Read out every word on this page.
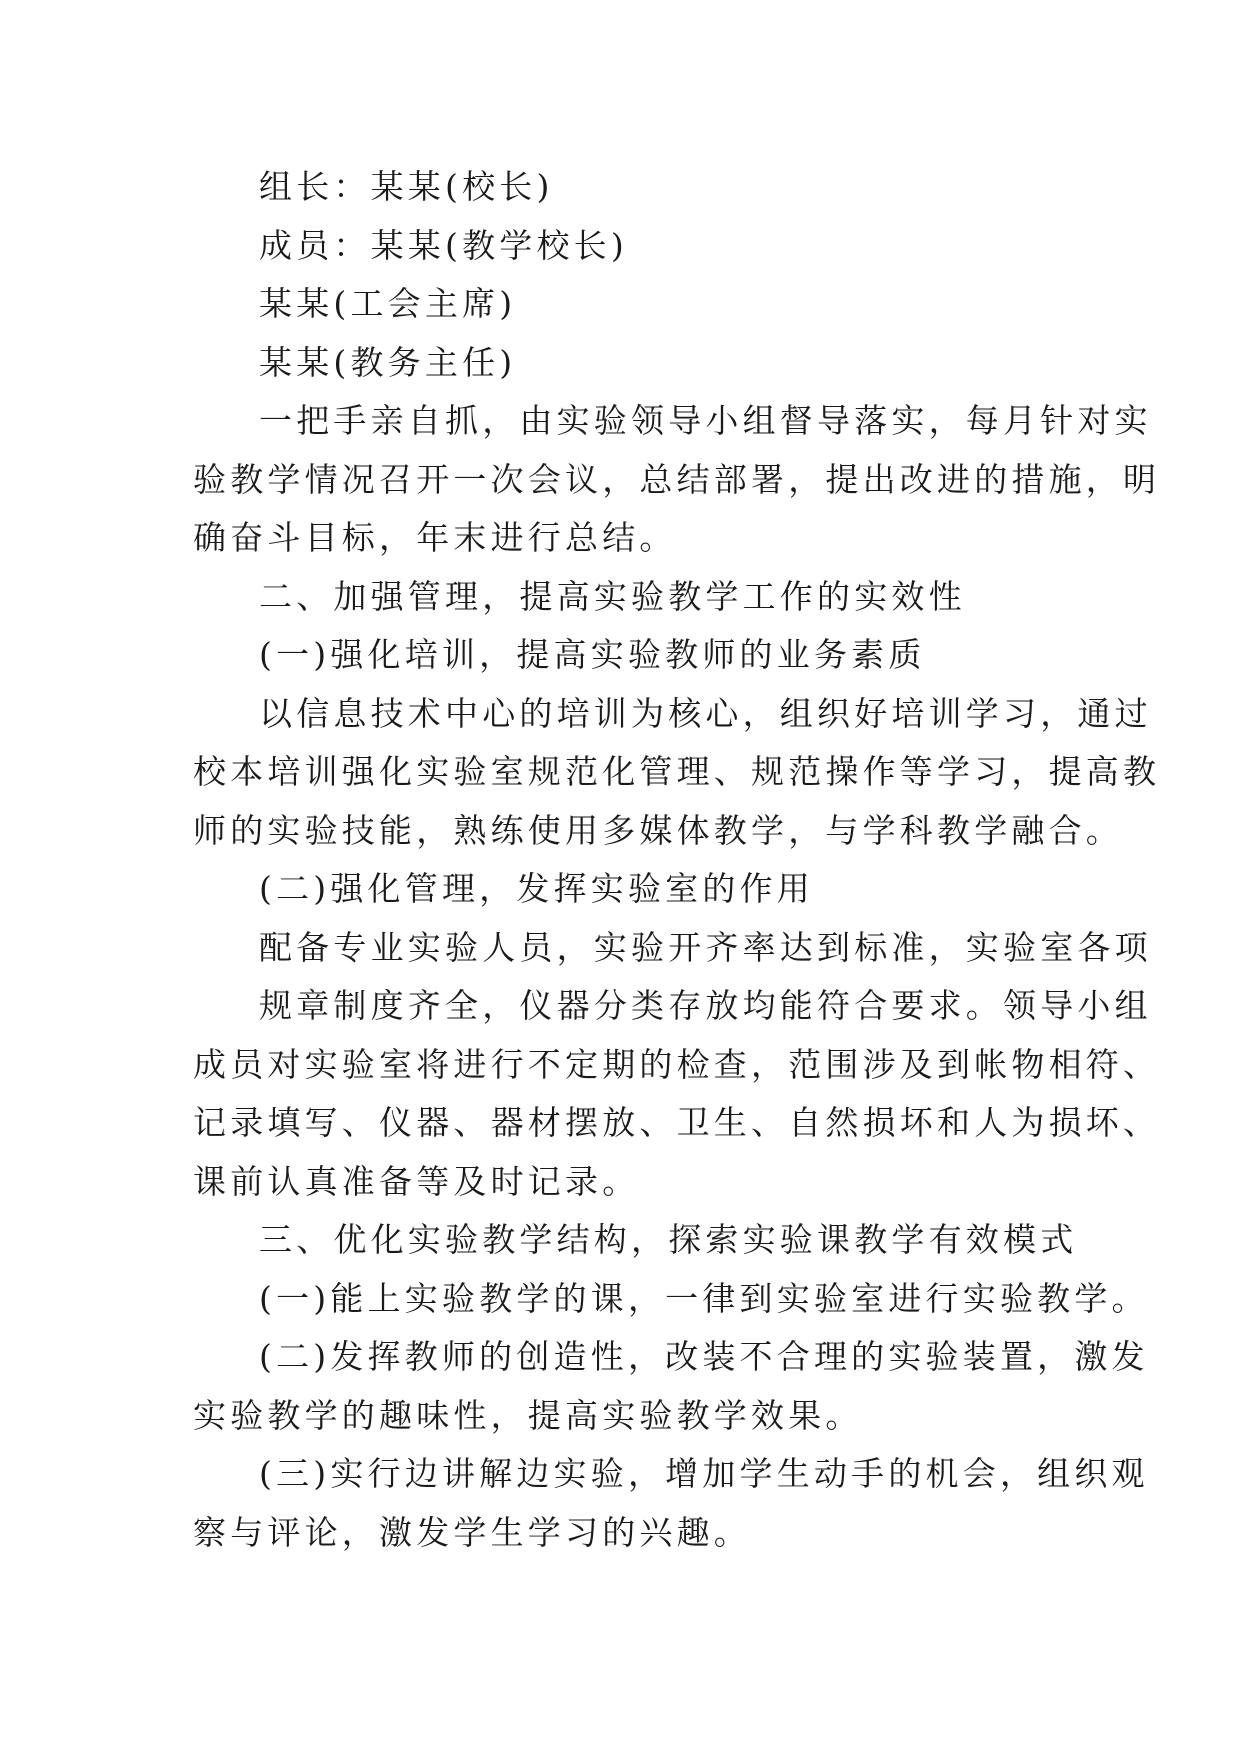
组长：某某(校长)
成员：某某(教学校长)
某某(工会主席)
某某(教务主任)
一把手亲自抓，由实验领导小组督导落实，每月针对实
验教学情况召开一次会议，总结部署，提出改进的措施，明
确奋斗目标，年末进行总结。
二、加强管理，提高实验教学工作的实效性
(一)强化培训，提高实验教师的业务素质
以信息技术中心的培训为核心，组织好培训学习，通过
校本培训强化实验室规范化管理、规范操作等学习，提高教
师的实验技能，熟练使用多媒体教学，与学科教学融合。
(二)强化管理，发挥实验室的作用
配备专业实验人员，实验开齐率达到标准，实验室各项
规章制度齐全，仪器分类存放均能符合要求。领导小组
成员对实验室将进行不定期的检查，范围涉及到帐物相符、
记录填写、仪器、器材摆放、卫生、自然损坏和人为损坏、
课前认真准备等及时记录。
三、优化实验教学结构，探索实验课教学有效模式
(一)能上实验教学的课，一律到实验室进行实验教学。
(二)发挥教师的创造性，改装不合理的实验装置，激发
实验教学的趣味性，提高实验教学效果。
(三)实行边讲解边实验，增加学生动手的机会，组织观
察与评论，激发学生学习的兴趣。
